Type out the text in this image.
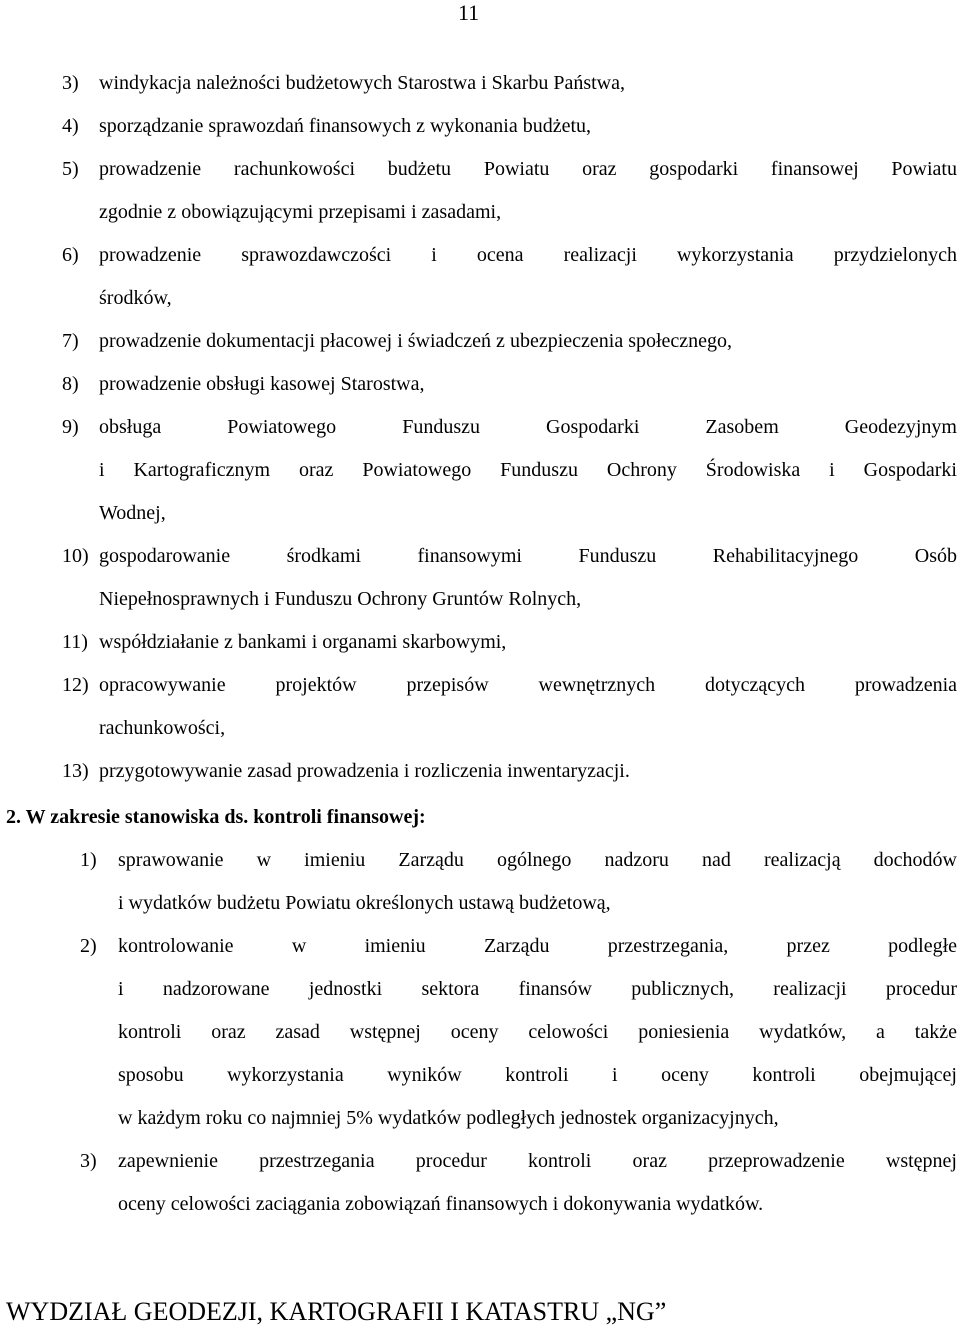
11
3)	windykacja należności budżetowych Starostwa i Skarbu Państwa,
4)	sporządzanie sprawozdań finansowych z wykonania budżetu,
5)	prowadzenie rachunkowości budżetu Powiatu oraz gospodarki finansowej Powiatu
zgodnie z obowiązującymi przepisami i zasadami,
6)	prowadzenie sprawozdawczości i ocena realizacji wykorzystania przydzielonych
środków,
7)	prowadzenie dokumentacji płacowej i świadczeń z ubezpieczenia społecznego,
8)	prowadzenie obsługi kasowej Starostwa,
9)	obsługa Powiatowego Funduszu Gospodarki Zasobem Geodezyjnym
i Kartograficznym oraz Powiatowego Funduszu Ochrony Środowiska i Gospodarki
Wodnej,
10) gospodarowanie środkami finansowymi Funduszu Rehabilitacyjnego Osób
Niepełnosprawnych i Funduszu Ochrony Gruntów Rolnych,
11) współdziałanie z bankami i organami skarbowymi,
12) opracowywanie projektów przepisów wewnętrznych dotyczących prowadzenia
rachunkowości,
13) przygotowywanie zasad prowadzenia i rozliczenia inwentaryzacji.
2. W zakresie stanowiska ds. kontroli finansowej:
1)	sprawowanie w imieniu Zarządu ogólnego nadzoru nad realizacją dochodów
i wydatków budżetu Powiatu określonych ustawą budżetową,
2)	kontrolowanie w imieniu Zarządu przestrzegania, przez podległe
i nadzorowane jednostki sektora finansów publicznych, realizacji procedur
kontroli oraz zasad wstępnej oceny celowości poniesienia wydatków, a także
sposobu wykorzystania wyników kontroli i oceny kontroli obejmującej
w każdym roku co najmniej 5% wydatków podległych jednostek organizacyjnych,
3)	zapewnienie przestrzegania procedur kontroli oraz przeprowadzenie wstępnej
oceny celowości zaciągania zobowiązań finansowych i dokonywania wydatków.
WYDZIAŁ GEODEZJI, KARTOGRAFII I KATASTRU „NG”
